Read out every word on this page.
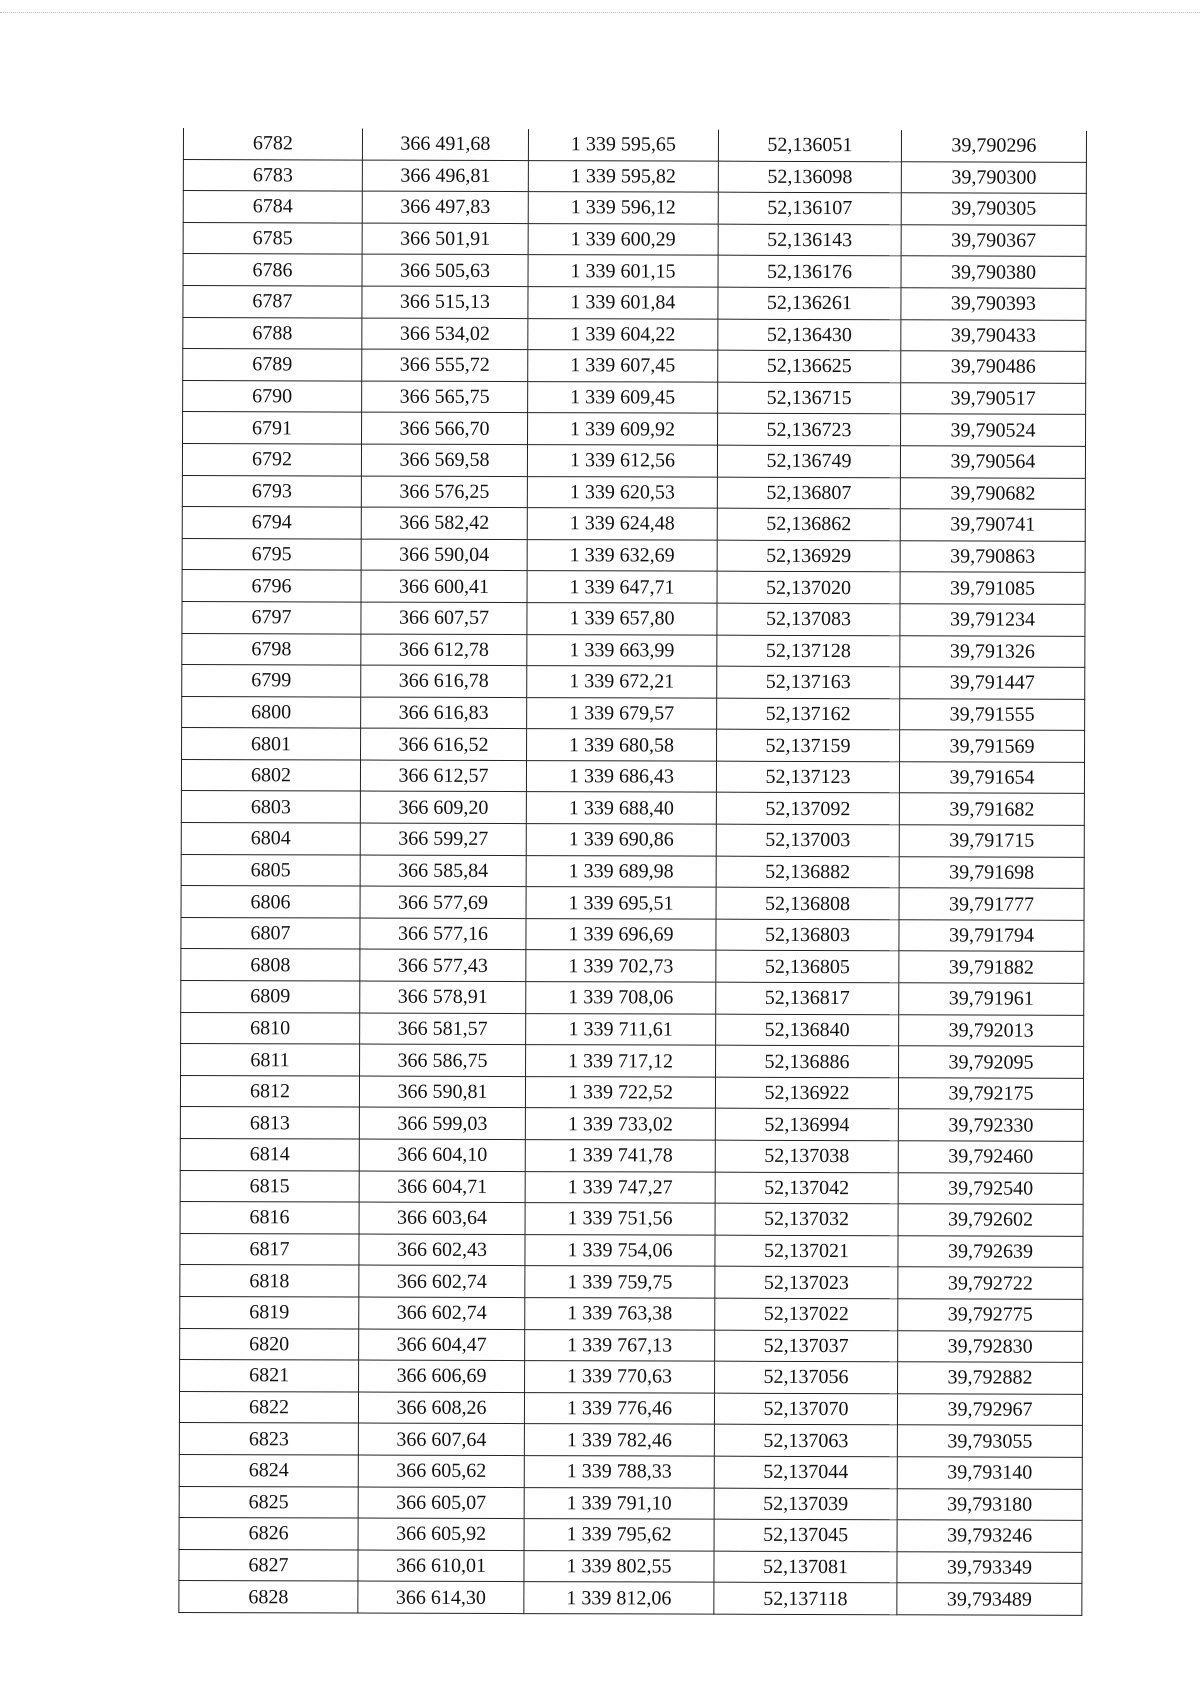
6782	366 491,68	1 339 595,65	52,136051	39,790296
6783	366 496,81	1 339 595,82	52,136098	39,790300
6784	366 497,83	1 339 596,12	52,136107	39,790305
6785	366 501,91	1 339 600,29	52,136143	39,790367
6786	366 505,63	1 339 601,15	52,136176	39,790380
6787	366 515,13	1 339 601,84	52,136261	39,790393
6788	366 534,02	1 339 604,22	52,136430	39,790433
6789	366 555,72	1 339 607,45	52,136625	39,790486
6790	366 565,75	1 339 609,45	52,136715	39,790517
6791	366 566,70	1 339 609,92	52,136723	39,790524
6792	366 569,58	1 339 612,56	52,136749	39,790564
6793	366 576,25	1 339 620,53	52,136807	39,790682
6794	366 582,42	1 339 624,48	52,136862	39,790741
6795	366 590,04	1 339 632,69	52,136929	39,790863
6796	366 600,41	1 339 647,71	52,137020	39,791085
6797	366 607,57	1 339 657,80	52,137083	39,791234
6798	366 612,78	1 339 663,99	52,137128	39,791326
6799	366 616,78	1 339 672,21	52,137163	39,791447
6800	366 616,83	1 339 679,57	52,137162	39,791555
6801	366 616,52	1 339 680,58	52,137159	39,791569
6802	366 612,57	1 339 686,43	52,137123	39,791654
6803	366 609,20	1 339 688,40	52,137092	39,791682
6804	366 599,27	1 339 690,86	52,137003	39,791715
6805	366 585,84	1 339 689,98	52,136882	39,791698
6806	366 577,69	1 339 695,51	52,136808	39,791777
6807	366 577,16	1 339 696,69	52,136803	39,791794
6808	366 577,43	1 339 702,73	52,136805	39,791882
6809	366 578,91	1 339 708,06	52,136817	39,791961
6810	366 581,57	1 339 711,61	52,136840	39,792013
6811	366 586,75	1 339 717,12	52,136886	39,792095
6812	366 590,81	1 339 722,52	52,136922	39,792175
6813	366 599,03	1 339 733,02	52,136994	39,792330
6814	366 604,10	1 339 741,78	52,137038	39,792460
6815	366 604,71	1 339 747,27	52,137042	39,792540
6816	366 603,64	1 339 751,56	52,137032	39,792602
6817	366 602,43	1 339 754,06	52,137021	39,792639
6818	366 602,74	1 339 759,75	52,137023	39,792722
6819	366 602,74	1 339 763,38	52,137022	39,792775
6820	366 604,47	1 339 767,13	52,137037	39,792830
6821	366 606,69	1 339 770,63	52,137056	39,792882
6822	366 608,26	1 339 776,46	52,137070	39,792967
6823	366 607,64	1 339 782,46	52,137063	39,793055
6824	366 605,62	1 339 788,33	52,137044	39,793140
6825	366 605,07	1 339 791,10	52,137039	39,793180
6826	366 605,92	1 339 795,62	52,137045	39,793246
6827	366 610,01	1 339 802,55	52,137081	39,793349
6828	366 614,30	1 339 812,06	52,137118	39,793489
